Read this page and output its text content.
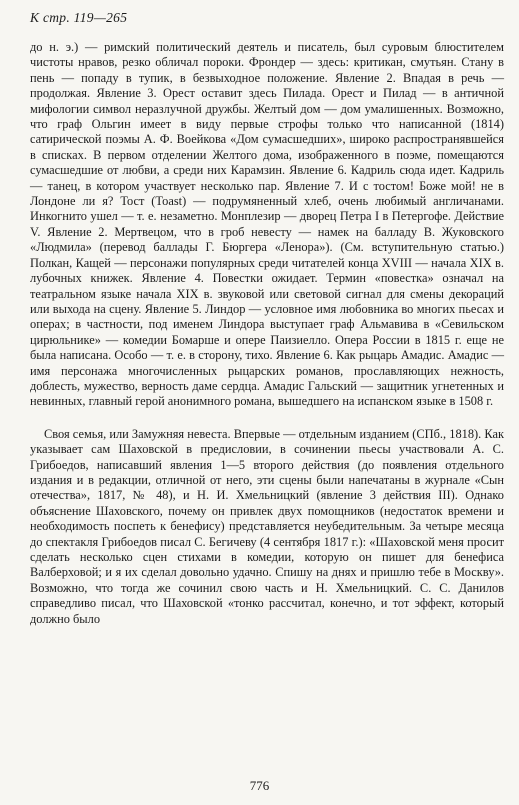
К стр. 119—265

до н. э.) — римский политический деятель и писатель, был суровым блюстителем чистоты нравов, резко обличал пороки. Фрондер — здесь: критикан, смутьян. Стану в пень — попаду в тупик, в безвыходное положение. Явление 2. Впадая в речь — продолжая. Явление 3. Орест оставит здесь Пилада. Орест и Пилад — в античной мифологии символ неразлучной дружбы. Желтый дом — дом умалишенных. Возможно, что граф Ольгин имеет в виду первые строфы только что написанной (1814) сатирической поэмы А. Ф. Воейкова «Дом сумасшедших», широко распространявшейся в списках. В первом отделении Желтого дома, изображенного в поэме, помещаются сумасшедшие от любви, а среди них Карамзин. Явление 6. Кадриль сюда идет. Кадриль — танец, в котором участвует несколько пар. Явление 7. И с тостом! Боже мой! не в Лондоне ли я? Тост (Toast) — подрумяненный хлеб, очень любимый англичанами. Инкогнито ушел — т. е. незаметно. Монплезир — дворец Петра I в Петергофе. Действие V. Явление 2. Мертвецом, что в гроб невесту — намек на балладу В. Жуковского «Людмила» (перевод баллады Г. Бюргера «Ленора»). (См. вступительную статью.) Полкан, Кащей — персонажи популярных среди читателей конца XVIII — начала XIX в. лубочных книжек. Явление 4. Повестки ожидает. Термин «повестка» означал на театральном языке начала XIX в. звуковой или световой сигнал для смены декораций или выхода на сцену. Явление 5. Линдор — условное имя любовника во многих пьесах и операх; в частности, под именем Линдора выступает граф Альмавива в «Севильском цирюльнике» — комедии Бомарше и опере Паизиелло. Опера России в 1815 г. еще не была написана. Особо — т. е. в сторону, тихо. Явление 6. Как рыцарь Амадис. Амадис — имя персонажа многочисленных рыцарских романов, прославляющих нежность, доблесть, мужество, верность даме сердца. Амадис Гальский — защитник угнетенных и невинных, главный герой анонимного романа, вышедшего на испанском языке в 1508 г.

Своя семья, или Замужняя невеста. Впервые — отдельным изданием (СПб., 1818). Как указывает сам Шаховской в предисловии, в сочинении пьесы участвовали А. С. Грибоедов, написавший явления 1—5 второго действия (до появления отдельного издания и в редакции, отличной от него, эти сцены были напечатаны в журнале «Сын отечества», 1817, № 48), и Н. И. Хмельницкий (явление 3 действия III). Однако объяснение Шаховского, почему он привлек двух помощников (недостаток времени и необходимость поспеть к бенефису) представляется неубедительным. За четыре месяца до спектакля Грибоедов писал С. Бегичеву (4 сентября 1817 г.): «Шаховской меня просит сделать несколько сцен стихами в комедии, которую он пишет для бенефиса Валберховой; и я их сделал довольно удачно. Спишу на днях и пришлю тебе в Москву». Возможно, что тогда же сочинил свою часть и Н. Хмельницкий. С. С. Данилов справедливо писал, что Шаховской «тонко рассчитал, конечно, и тот эффект, который должно было

776
